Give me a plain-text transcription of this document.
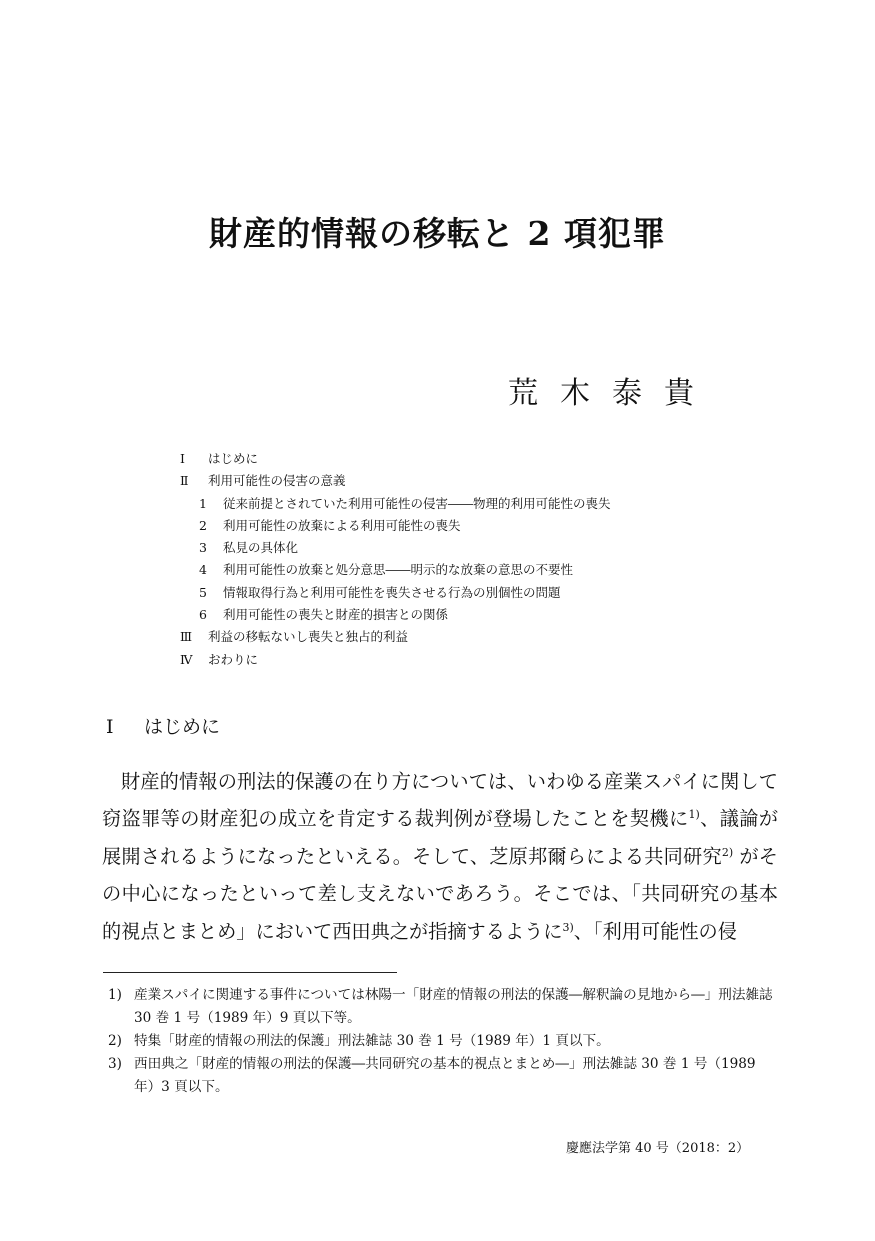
財産的情報の移転と 2 項犯罪
荒木泰貴
Ⅰ	はじめに
Ⅱ	利用可能性の侵害の意義
1	従来前提とされていた利用可能性の侵害――物理的利用可能性の喪失
2	利用可能性の放棄による利用可能性の喪失
3	私見の具体化
4	利用可能性の放棄と処分意思――明示的な放棄の意思の不要性
5	情報取得行為と利用可能性を喪失させる行為の別個性の問題
6	利用可能性の喪失と財産的損害との関係
Ⅲ	利益の移転ないし喪失と独占的利益
Ⅳ	おわりに
Ⅰ はじめに

財産的情報の刑法的保護の在り方については、いわゆる産業スパイに関して窃盗罪等の財産犯の成立を肯定する裁判例が登場したことを契機に$^{1)}$、議論が展開されるようになったといえる。そして、芝原邦爾らによる共同研究$^{2)}$ がその中心になったといって差し支えないであろう。そこでは、「共同研究の基本的視点とまとめ」において西田典之が指摘するように$^{3)}$、「利用可能性の侵

1) 産業スパイに関連する事件については林陽一「財産的情報の刑法的保護―解釈論の見地から―」刑法雑誌 30 巻 1 号（1989 年）9 頁以下等。
2) 特集「財産的情報の刑法的保護」刑法雑誌 30 巻 1 号（1989 年）1 頁以下。
3) 西田典之「財産的情報の刑法的保護―共同研究の基本的視点とまとめ―」刑法雑誌 30 巻 1 号（1989 年）3 頁以下。
慶應法学第 40 号（2018：2）
